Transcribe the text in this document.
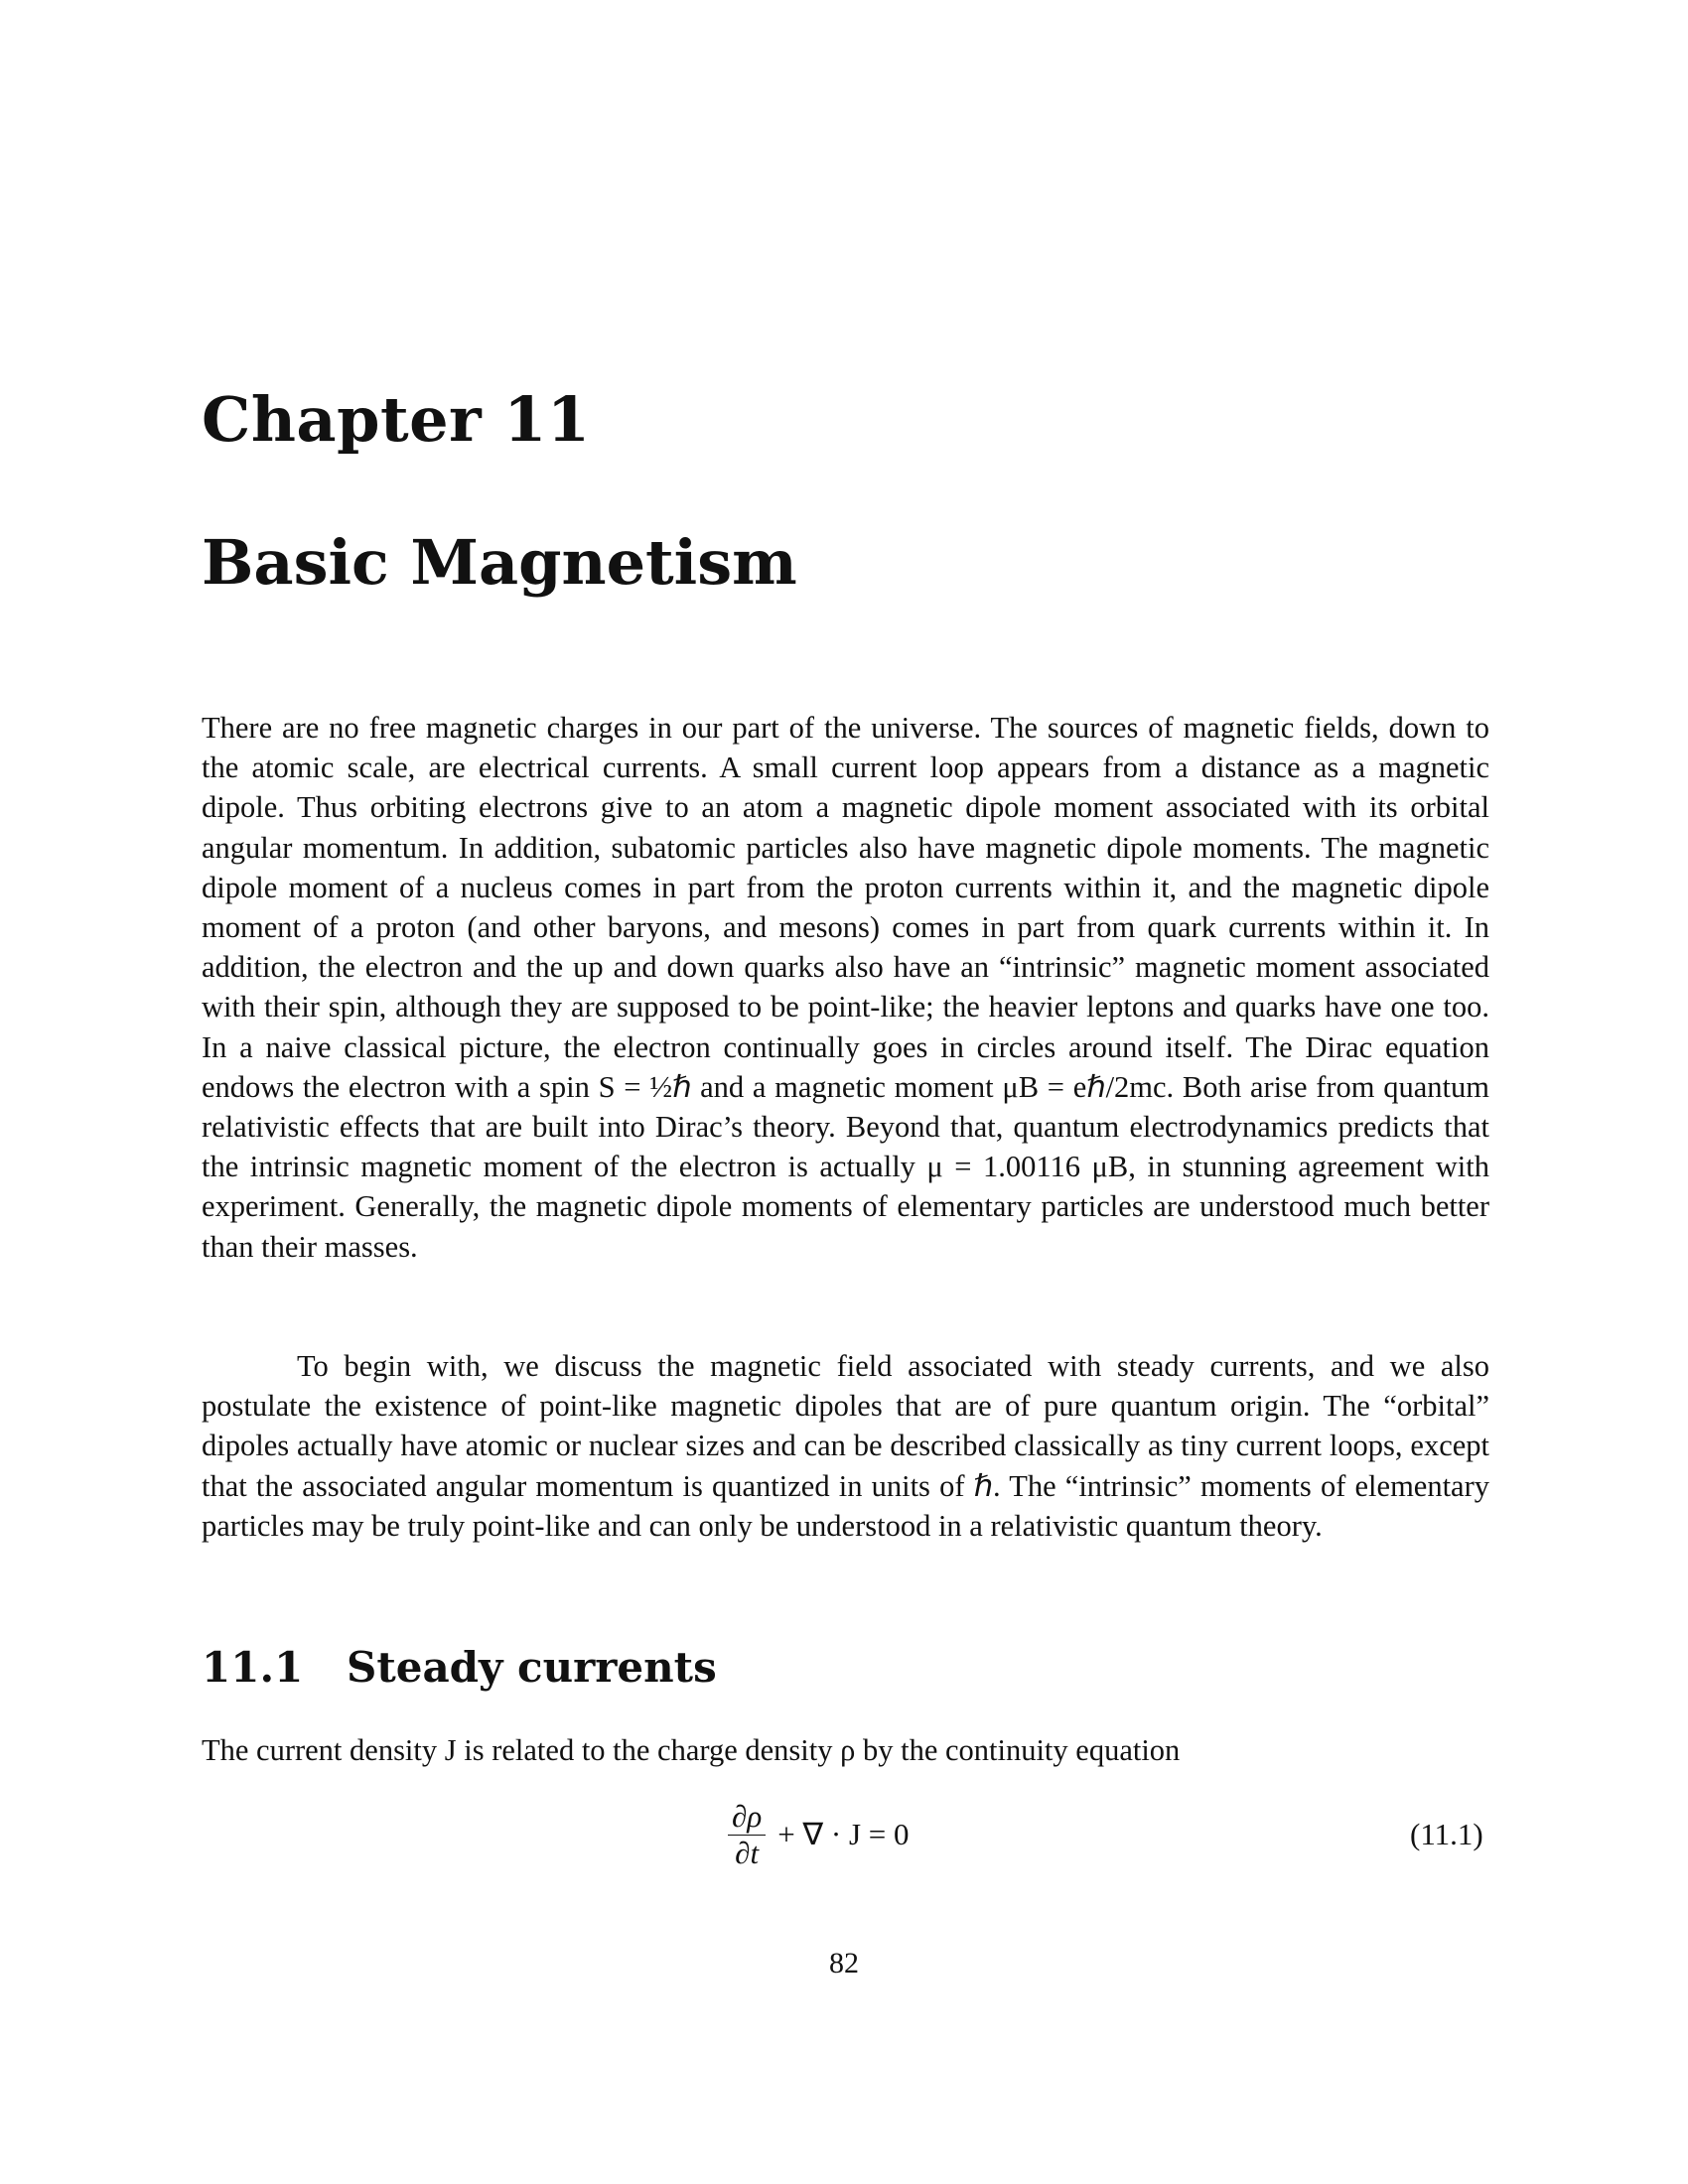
Chapter 11
Basic Magnetism

There are no free magnetic charges in our part of the universe. The sources of magnetic fields, down to the atomic scale, are electrical currents. A small current loop appears from a distance as a magnetic dipole. Thus orbiting electrons give to an atom a magnetic dipole moment associated with its orbital angular momentum. In addition, subatomic particles also have magnetic dipole moments. The magnetic dipole moment of a nucleus comes in part from the proton currents within it, and the magnetic dipole moment of a proton (and other baryons, and mesons) comes in part from quark currents within it. In addition, the electron and the up and down quarks also have an “intrinsic” magnetic moment associated with their spin, although they are supposed to be point-like; the heavier leptons and quarks have one too. In a naive classical picture, the electron continually goes in circles around itself. The Dirac equation endows the electron with a spin S = ½ℏ and a magnetic moment μB = eℏ/2mc. Both arise from quantum relativistic effects that are built into Dirac’s theory. Beyond that, quantum electrodynamics predicts that the intrinsic magnetic moment of the electron is actually μ = 1.00116 μB, in stunning agreement with experiment. Generally, the magnetic dipole moments of elementary particles are understood much better than their masses.

To begin with, we discuss the magnetic field associated with steady currents, and we also postulate the existence of point-like magnetic dipoles that are of pure quantum origin. The “orbital” dipoles actually have atomic or nuclear sizes and can be described classically as tiny current loops, except that the associated angular momentum is quantized in units of ℏ. The “intrinsic” moments of elementary particles may be truly point-like and can only be understood in a relativistic quantum theory.

11.1 Steady currents

The current density J is related to the charge density ρ by the continuity equation

$\frac{\partial\rho}{\partial t}$ + ∇ · J = 0	(11.1)
82
